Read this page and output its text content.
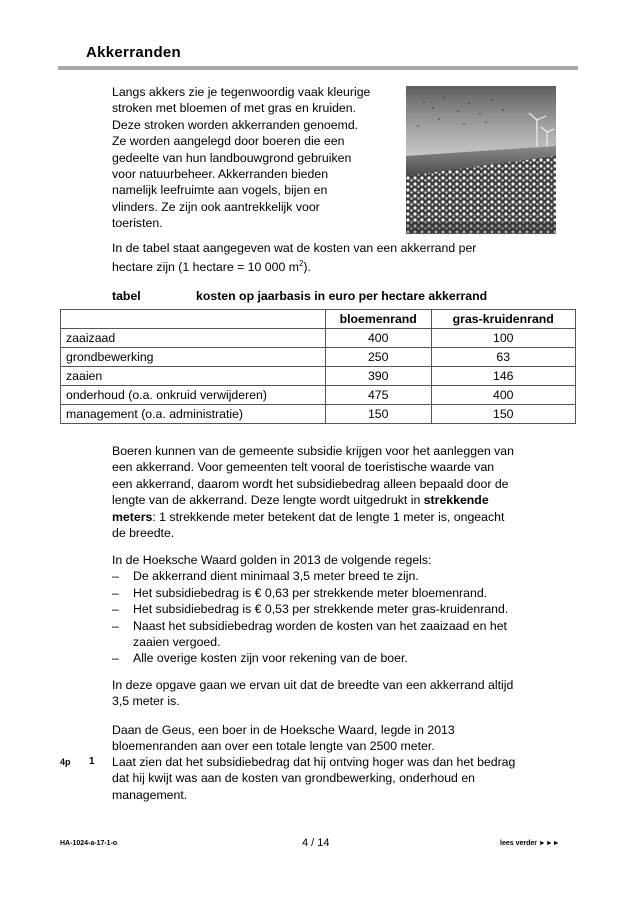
Akkerranden
Langs akkers zie je tegenwoordig vaak kleurige
stroken met bloemen of met gras en kruiden.
Deze stroken worden akkerranden genoemd.
Ze worden aangelegd door boeren die een
gedeelte van hun landbouwgrond gebruiken
voor natuurbeheer. Akkerranden bieden
namelijk leefruimte aan vogels, bijen en
vlinders. Ze zijn ook aantrekkelijk voor
toeristen.
In de tabel staat aangegeven wat de kosten van een akkerrand per
hectare zijn (1 hectare = 10 000 $m^2$).
tabel	kosten op jaarbasis in euro per hectare akkerrand
	bloemenrand	gras-kruidenrand
zaaizaad	400	100
grondbewerking	250	63
zaaien	390	146
onderhoud (o.a. onkruid verwijderen)	475	400
management (o.a. administratie)	150	150
Boeren kunnen van de gemeente subsidie krijgen voor het aanleggen van
een akkerrand. Voor gemeenten telt vooral de toeristische waarde van
een akkerrand, daarom wordt het subsidiebedrag alleen bepaald door de
lengte van de akkerrand. Deze lengte wordt uitgedrukt in strekkende
meters: 1 strekkende meter betekent dat de lengte 1 meter is, ongeacht
de breedte.
In de Hoeksche Waard golden in 2013 de volgende regels:
– De akkerrand dient minimaal 3,5 meter breed te zijn.
– Het subsidiebedrag is € 0,63 per strekkende meter bloemenrand.
– Het subsidiebedrag is € 0,53 per strekkende meter gras-kruidenrand.
– Naast het subsidiebedrag worden de kosten van het zaaizaad en het
zaaien vergoed.
– Alle overige kosten zijn voor rekening van de boer.
In deze opgave gaan we ervan uit dat de breedte van een akkerrand altijd
3,5 meter is.
Daan de Geus, een boer in de Hoeksche Waard, legde in 2013
bloemenranden aan over een totale lengte van 2500 meter.
4p 1 Laat zien dat het subsidiebedrag dat hij ontving hoger was dan het bedrag
dat hij kwijt was aan de kosten van grondbewerking, onderhoud en
management.
HA-1024-a-17-1-o	4 / 14	lees verder ►►►
